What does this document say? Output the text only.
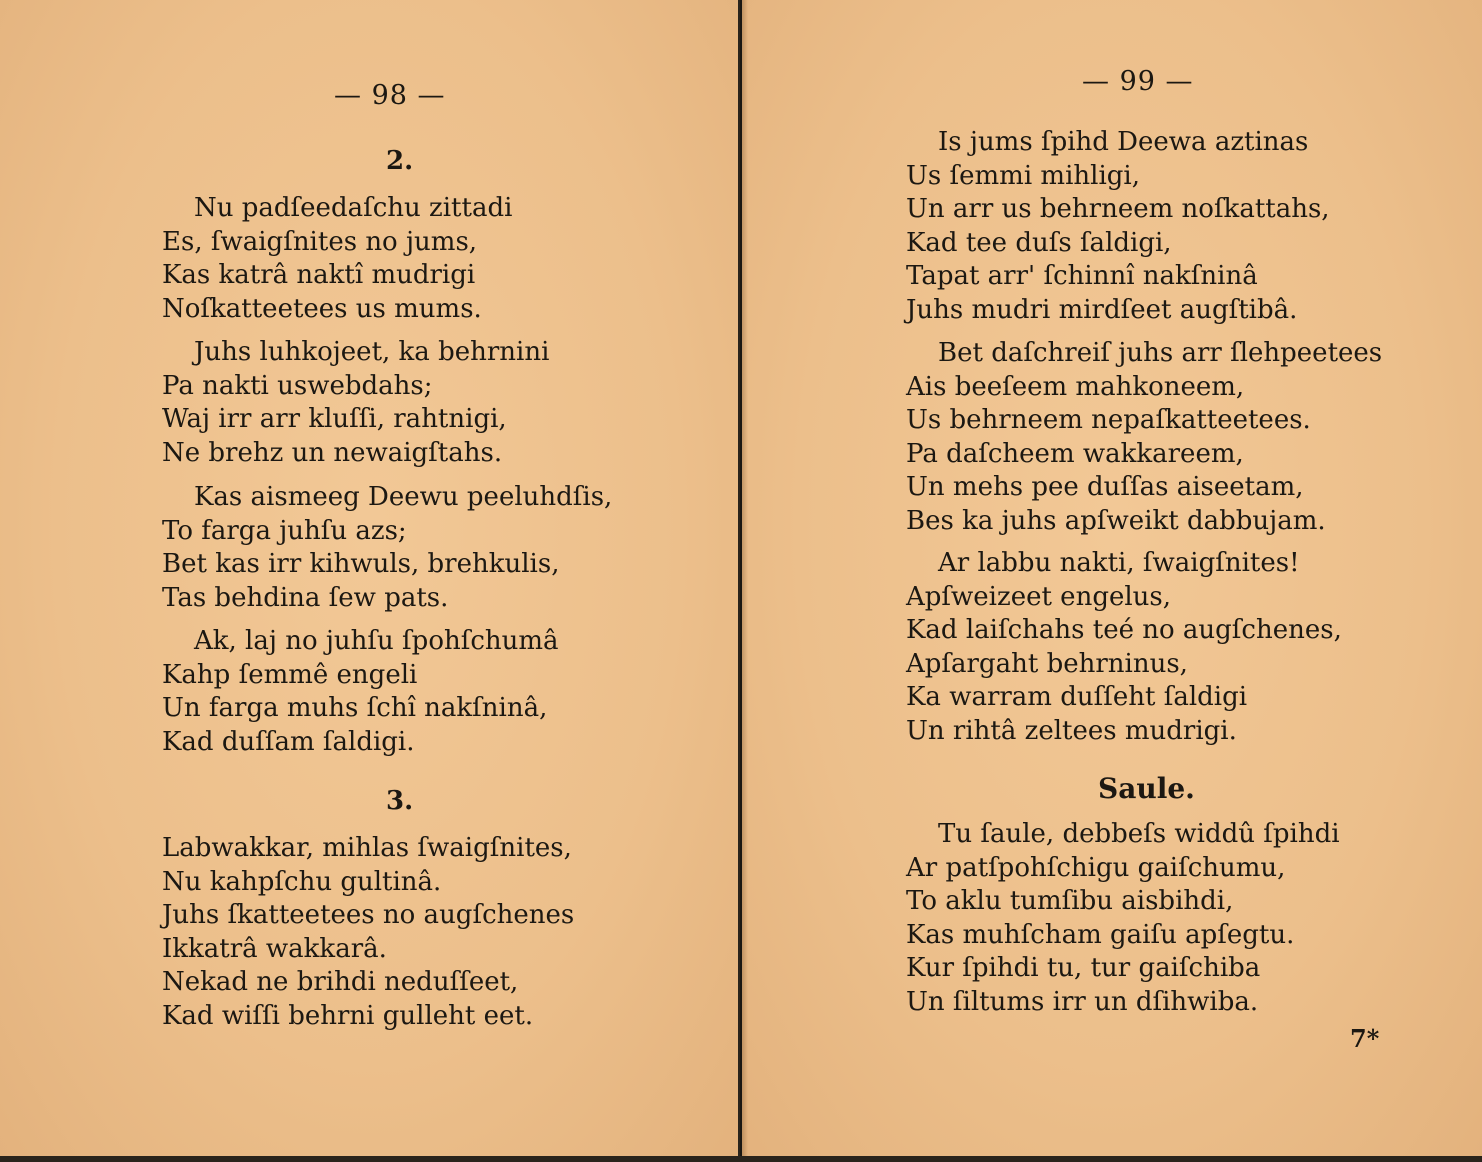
— 98 —
2.
Nu padſeedaſchu zittadi
Es, ſwaigſnites no jums,
Kas katrâ naktî mudrigi
Noſkatteetees us mums.
Juhs luhkojeet, ka behrnini
Pa nakti uswebdahs;
Waj irr arr kluſſi, rahtnigi,
Ne brehz un newaigſtahs.
Kas aismeeg Deewu peeluhdſis,
To farga juhſu azs;
Bet kas irr kihwuls, brehkulis,
Tas behdina ſew pats.
Ak, laj no juhſu ſpohſchumâ
Kahp ſemmê engeli
Un farga muhs ſchî nakſninâ,
Kad duſſam ſaldigi.
3.
Labwakkar, mihlas ſwaigſnites,
Nu kahpſchu gultinâ.
Juhs ſkatteetees no augſchenes
Ikkatrâ wakkarâ.
Nekad ne brihdi neduſſeet,
Kad wiſſi behrni gulleht eet.
— 99 —
Is jums ſpihd Deewa aztinas
Us ſemmi mihligi,
Un arr us behrneem noſkattahs,
Kad tee duſs ſaldigi,
Tapat arr' ſchinnî nakſninâ
Juhs mudri mirdſeet augſtibâ.
Bet daſchreiſ juhs arr ſlehpeetees
Ais beeſeem mahkoneem,
Us behrneem nepaſkatteetees.
Pa daſcheem wakkareem,
Un mehs pee duſſas aiseetam,
Bes ka juhs apſweikt dabbujam.
Ar labbu nakti, ſwaigſnites!
Apſweizeet engelus,
Kad laiſchahs teé no augſchenes,
Apſargaht behrninus,
Ka warram duſſeht ſaldigi
Un rihtâ zeltees mudrigi.
Saule.
Tu ſaule, debbeſs widdû ſpihdi
Ar patſpohſchigu gaiſchumu,
To aklu tumſibu aisbihdi,
Kas muhſcham gaiſu apſegtu.
Kur ſpihdi tu, tur gaiſchiba
Un ſiltums irr un dſihwiba.
7*
